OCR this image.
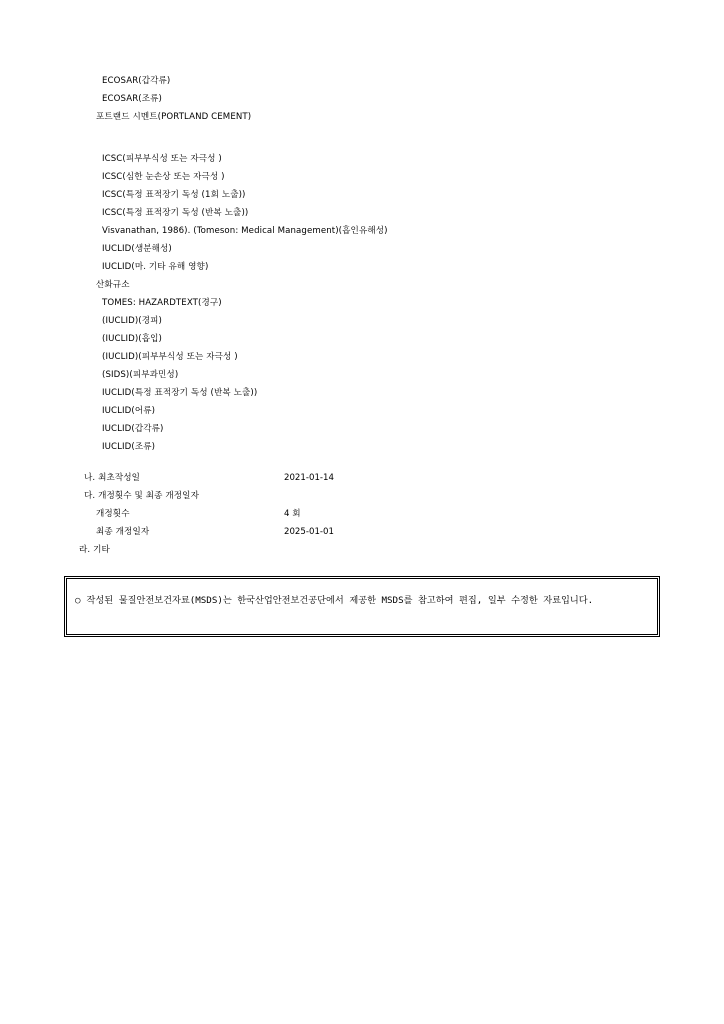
ECOSAR(갑각류)
ECOSAR(조류)
포트랜드 시멘트(PORTLAND CEMENT)
ICSC(피부부식성 또는 자극성 )
ICSC(심한 눈손상 또는 자극성 )
ICSC(특정 표적장기 독성 (1회 노출))
ICSC(특정 표적장기 독성 (반복 노출))
Visvanathan, 1986). (Tomeson: Medical Management)(흡인유해성)
IUCLID(생분해성)
IUCLID(마. 기타 유해 영향)
산화규소
TOMES: HAZARDTEXT(경구)
(IUCLID)(경피)
(IUCLID)(흡입)
(IUCLID)(피부부식성 또는 자극성 )
(SIDS)(피부과민성)
IUCLID(특정 표적장기 독성 (반복 노출))
IUCLID(어류)
IUCLID(갑각류)
IUCLID(조류)
나. 최초작성일	2021-01-14
다. 개정횟수 및 최종 개정일자
개정횟수	4 회
최종 개정일자	2025-01-01
라. 기타
○ 작성된 물질안전보건자료(MSDS)는 한국산업안전보건공단에서 제공한 MSDS를 참고하여 편집, 일부 수정한 자료입니다.
